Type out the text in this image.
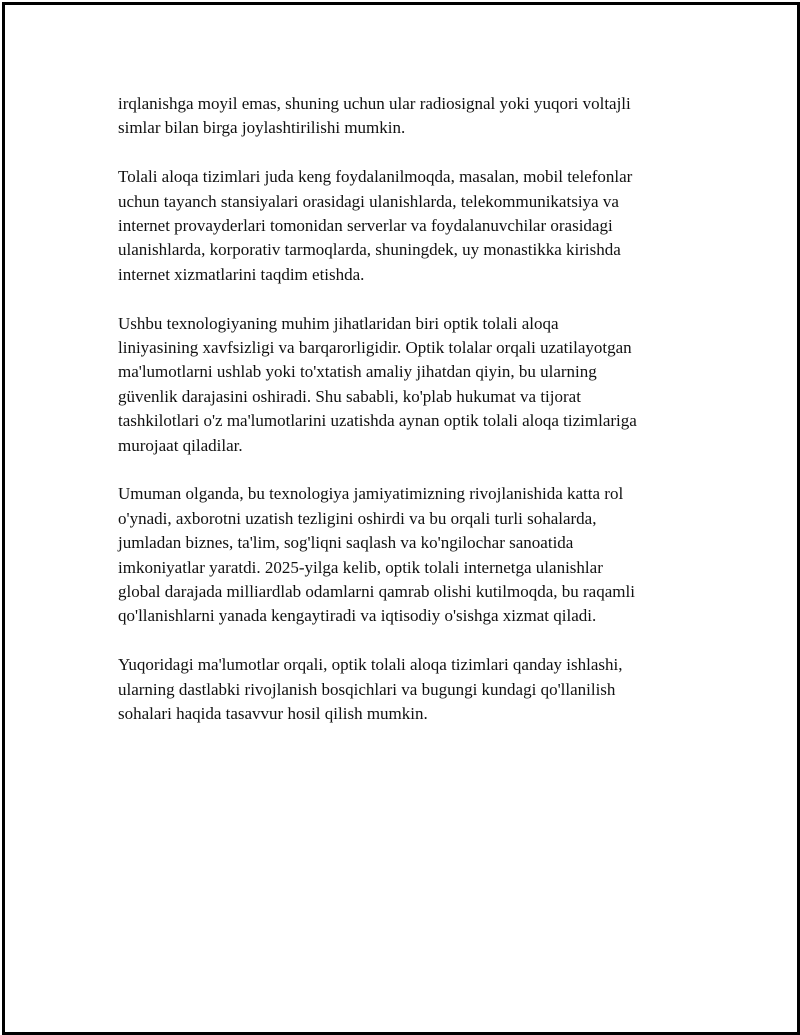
irqlanishga moyil emas, shuning uchun ular radiosignal yoki yuqori voltajli
simlar bilan birga joylashtirilishi mumkin.

Tolali aloqa tizimlari juda keng foydalanilmoqda, masalan, mobil telefonlar
uchun tayanch stansiyalari orasidagi ulanishlarda, telekommunikatsiya va
internet provayderlari tomonidan serverlar va foydalanuvchilar orasidagi
ulanishlarda, korporativ tarmoqlarda, shuningdek, uy monastikka kirishda
internet xizmatlarini taqdim etishda.

Ushbu texnologiyaning muhim jihatlaridan biri optik tolali aloqa
liniyasining xavfsizligi va barqarorligidir. Optik tolalar orqali uzatilayotgan
ma'lumotlarni ushlab yoki to'xtatish amaliy jihatdan qiyin, bu ularning
güvenlik darajasini oshiradi. Shu sababli, ko'plab hukumat va tijorat
tashkilotlari o'z ma'lumotlarini uzatishda aynan optik tolali aloqa tizimlariga
murojaat qiladilar.

Umuman olganda, bu texnologiya jamiyatimizning rivojlanishida katta rol
o'ynadi, axborotni uzatish tezligini oshirdi va bu orqali turli sohalarda,
jumladan biznes, ta'lim, sog'liqni saqlash va ko'ngilochar sanoatida
imkoniyatlar yaratdi. 2025-yilga kelib, optik tolali internetga ulanishlar
global darajada milliardlab odamlarni qamrab olishi kutilmoqda, bu raqamli
qo'llanishlarni yanada kengaytiradi va iqtisodiy o'sishga xizmat qiladi.

Yuqoridagi ma'lumotlar orqali, optik tolali aloqa tizimlari qanday ishlashi,
ularning dastlabki rivojlanish bosqichlari va bugungi kundagi qo'llanilish
sohalari haqida tasavvur hosil qilish mumkin.
